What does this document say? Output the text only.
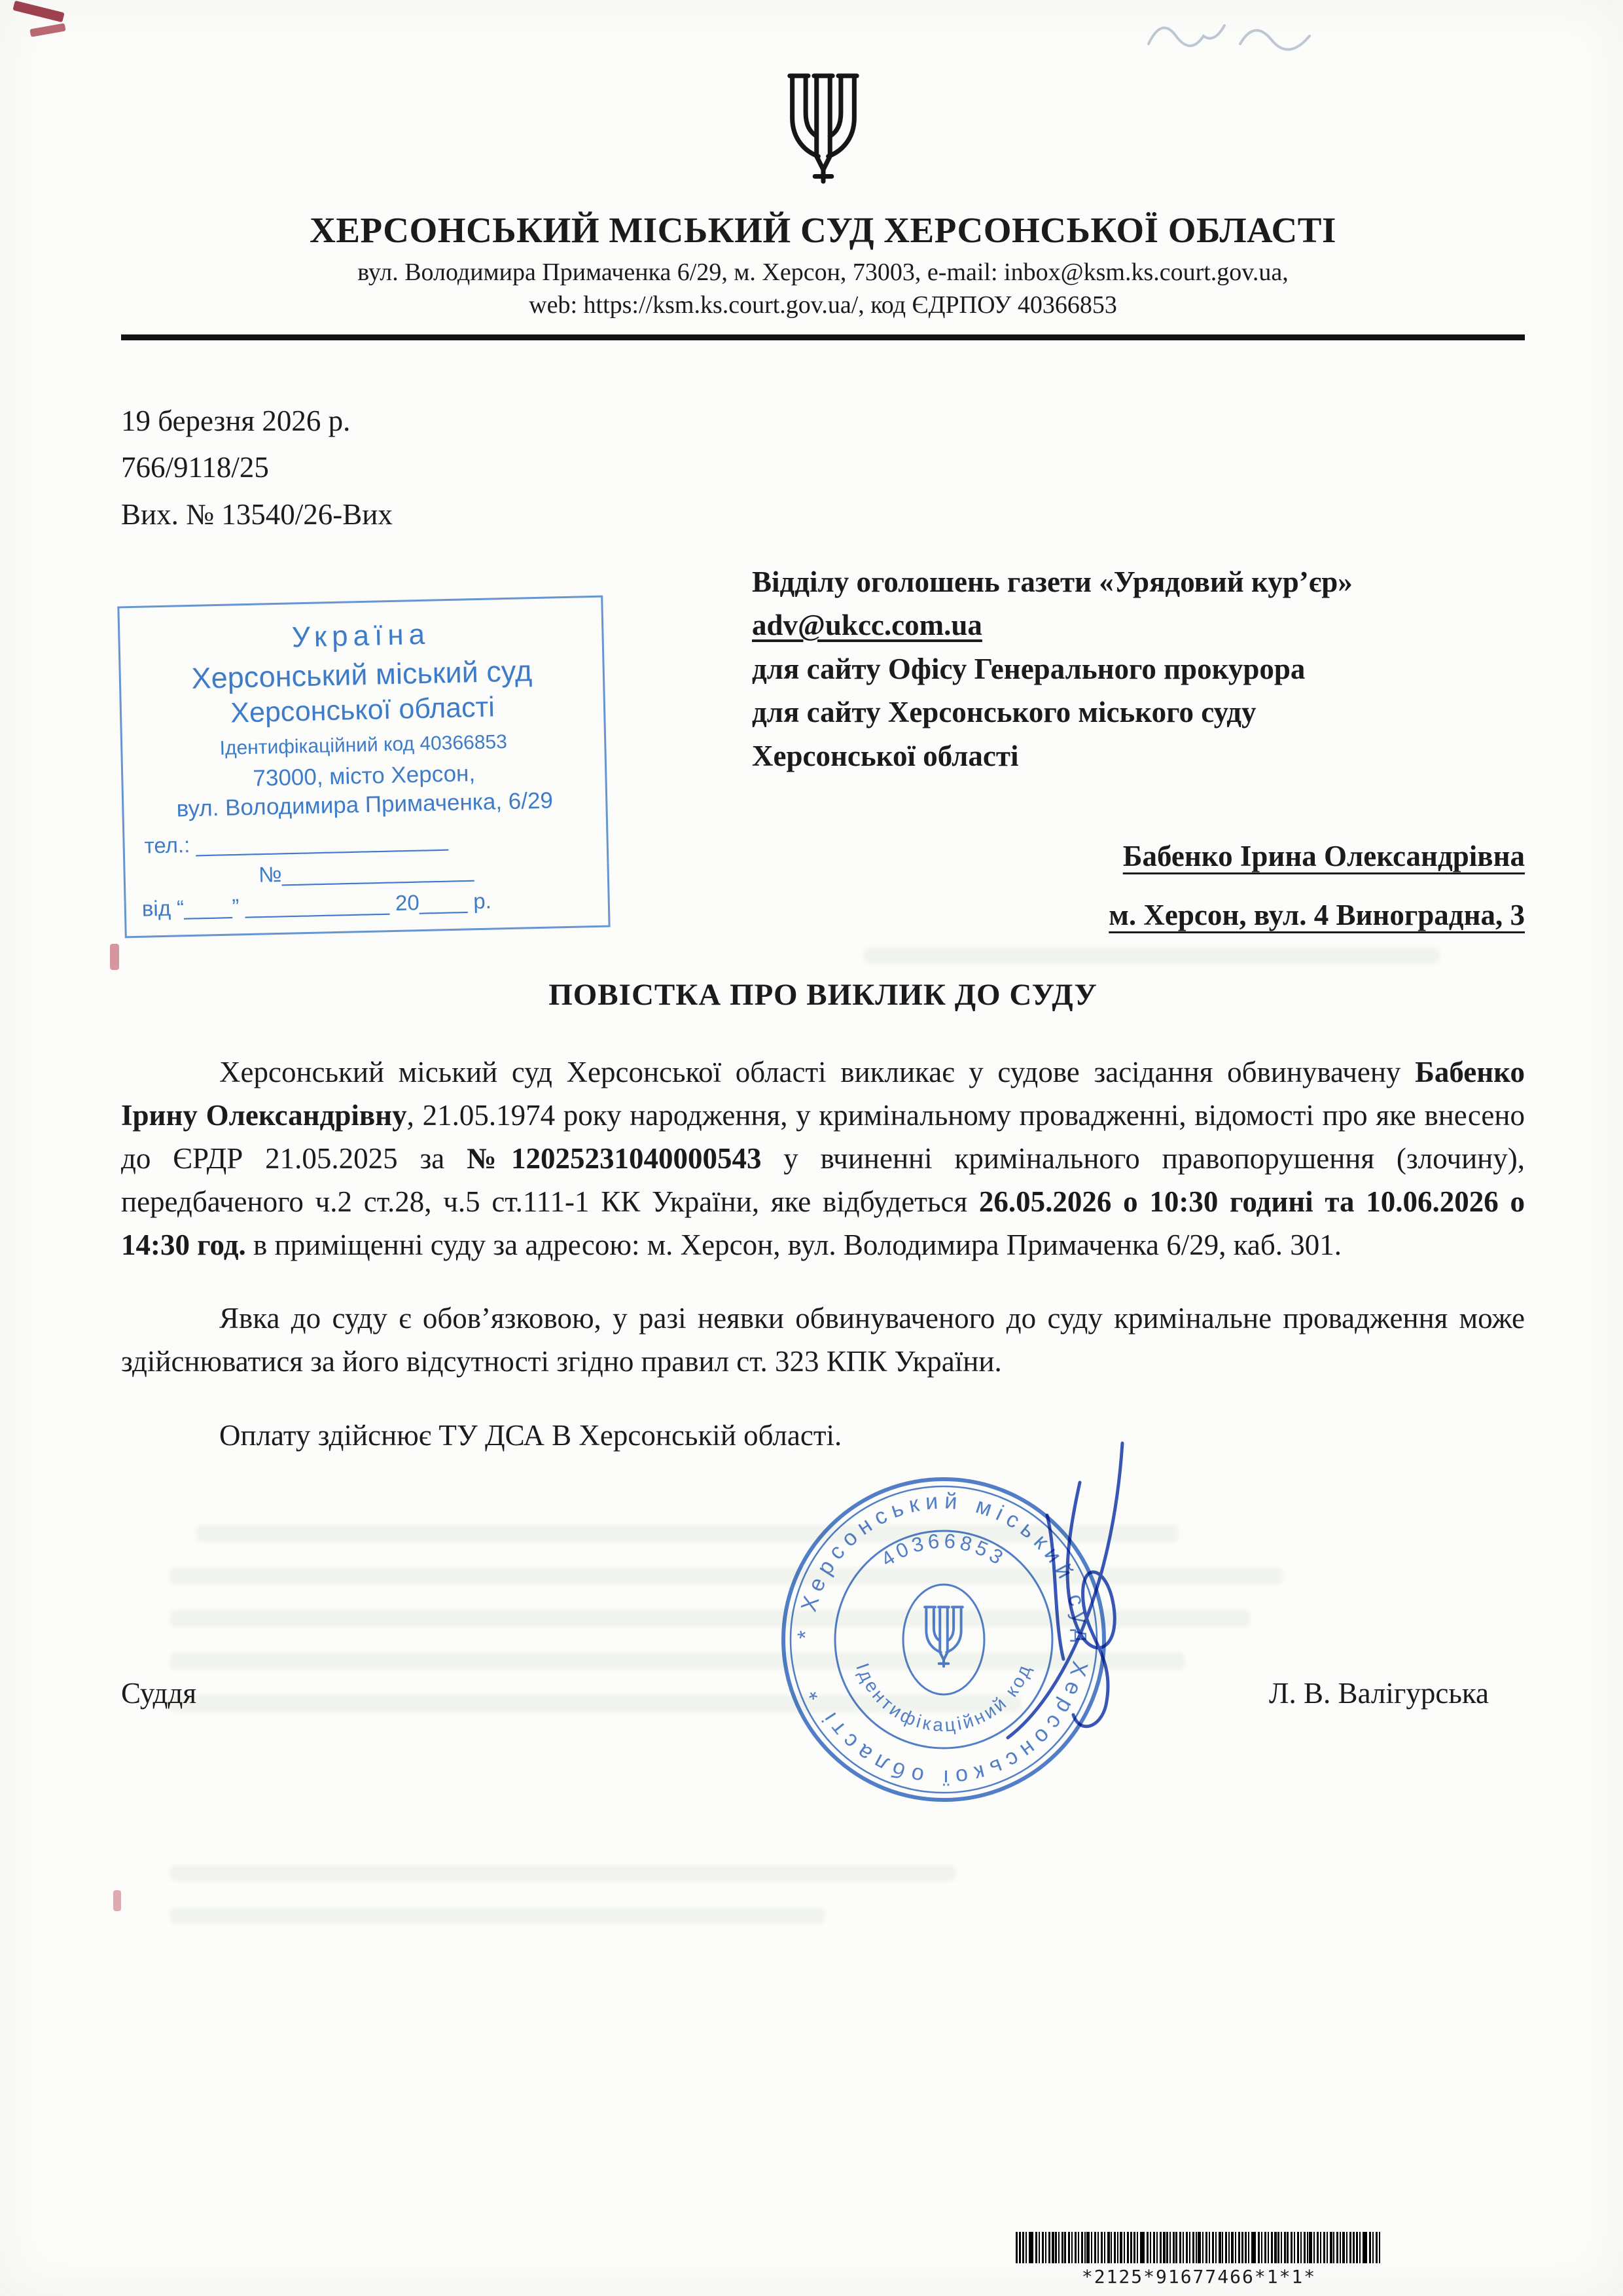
ХЕРСОНСЬКИЙ МІСЬКИЙ СУД ХЕРСОНСЬКОЇ ОБЛАСТІ
вул. Володимира Примаченка 6/29, м. Херсон, 73003, e-mail: inbox@ksm.ks.court.gov.ua,
web: https://ksm.ks.court.gov.ua/, код ЄДРПОУ 40366853
19 березня 2026 р.
766/9118/25
Вих. № 13540/26-Вих
Україна
Херсонський міський суд
Херсонської області
Ідентифікаційний код 40366853
73000, місто Херсон,
вул. Володимира Примаченка, 6/29
тел.: _____________________
№________________
від “____” ____________ 20____ р.
Відділу оголошень газети «Урядовий кур’єр»
adv@ukcc.com.ua
для сайту Офісу Генерального прокурора
для сайту Херсонського міського суду
Херсонської області
Бабенко Ірина Олександрівна
м. Херсон, вул. 4 Виноградна, 3
ПОВІСТКА ПРО ВИКЛИК ДО СУДУ

Херсонський міський суд Херсонської області викликає у судове засідання обвинувачену Бабенко Ірину Олександрівну, 21.05.1974 року народження, у кримінальному провадженні, відомості про яке внесено до ЄРДР 21.05.2025 за №12025231040000543 у вчиненні кримінального правопорушення (злочину), передбаченого ч.2 ст.28, ч.5 ст.111-1 КК України, яке відбудеться 26.05.2026 о 10:30 годині та 10.06.2026 о 14:30 год. в приміщенні суду за адресою: м. Херсон, вул. Володимира Примаченка 6/29, каб. 301.

Явка до суду є обов’язковою, у разі неявки обвинуваченого до суду кримінальне провадження може здійснюватися за його відсутності згідно правил ст. 323 КПК України.

Оплату здійснює ТУ ДСА В Херсонській області.

Суддя	Л. В. Валігурська
* Херсонський міський суд Херсонської області *
Ідентифікаційний код
40366853
*2125*91677466*1*1*
